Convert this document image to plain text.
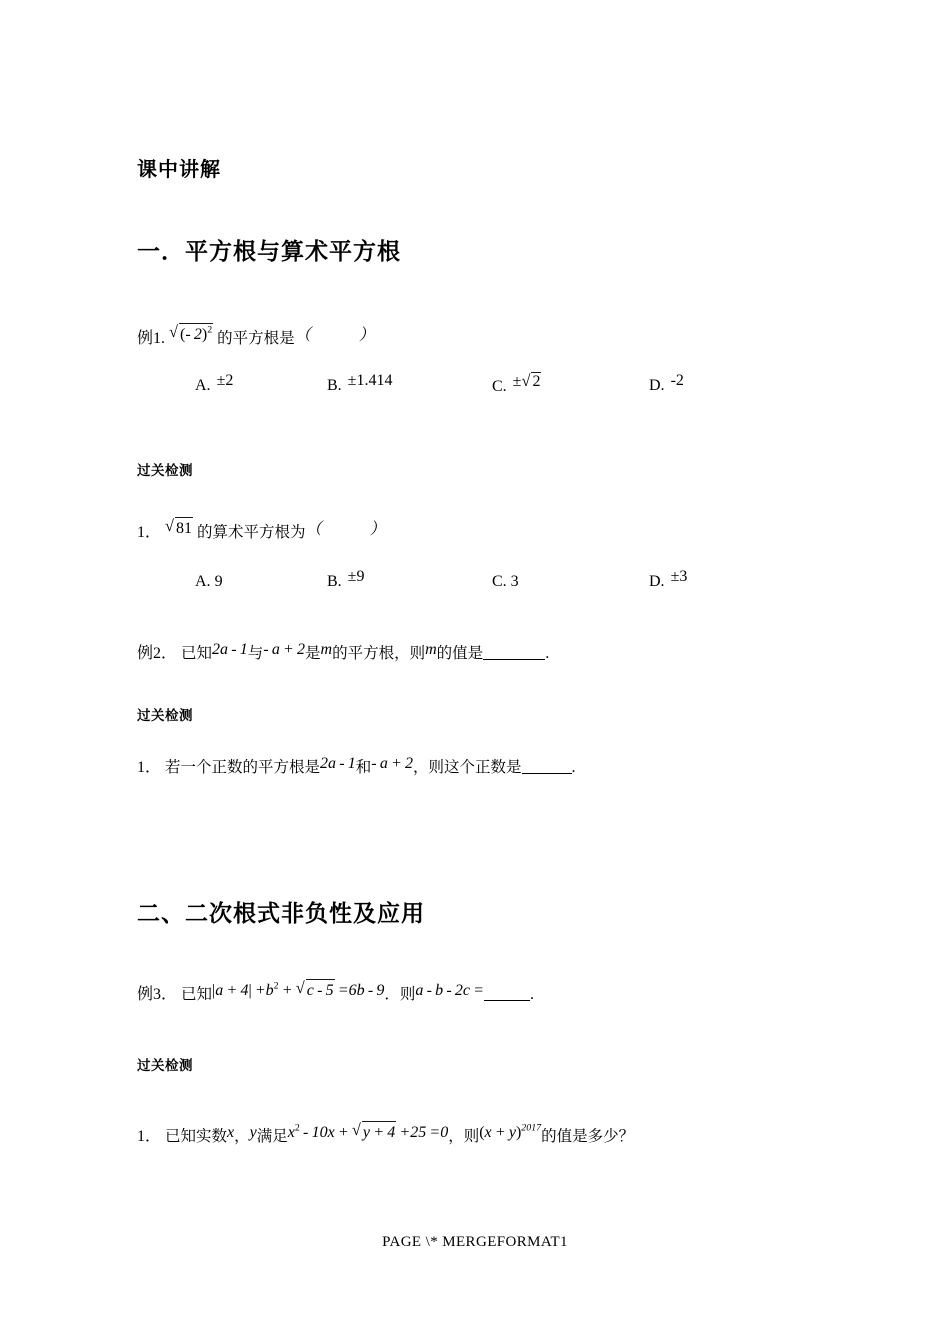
课中讲解
一．平方根与算术平方根
例1. √ (- 2)$^2$ 的平方根是（　　　）
A. ±2	B. ±1.414	C. ± √ 2	D. -2
过关检测
1． √ 81 的算术平方根为（　　　）
A. 9	B. ±9	C. 3	D. ±3
例2． 已知2a - 1与- a + 2是m的平方根，则m的值是	.
过关检测
1． 若一个正数的平方根是2a - 1和- a + 2，则这个正数是	.
二、二次根式非负性及应用
例3． 已知$|a + 4| +b^2$ +  √ c - 5 =6b - 9．则a - b - 2c =	.
过关检测
1． 已知实数x，y满足$x^2 - 10x$ +  √ y + 4 +25 =0，则$(x + y)^{2017}$的值是多少？
PAGE \* MERGEFORMAT1
